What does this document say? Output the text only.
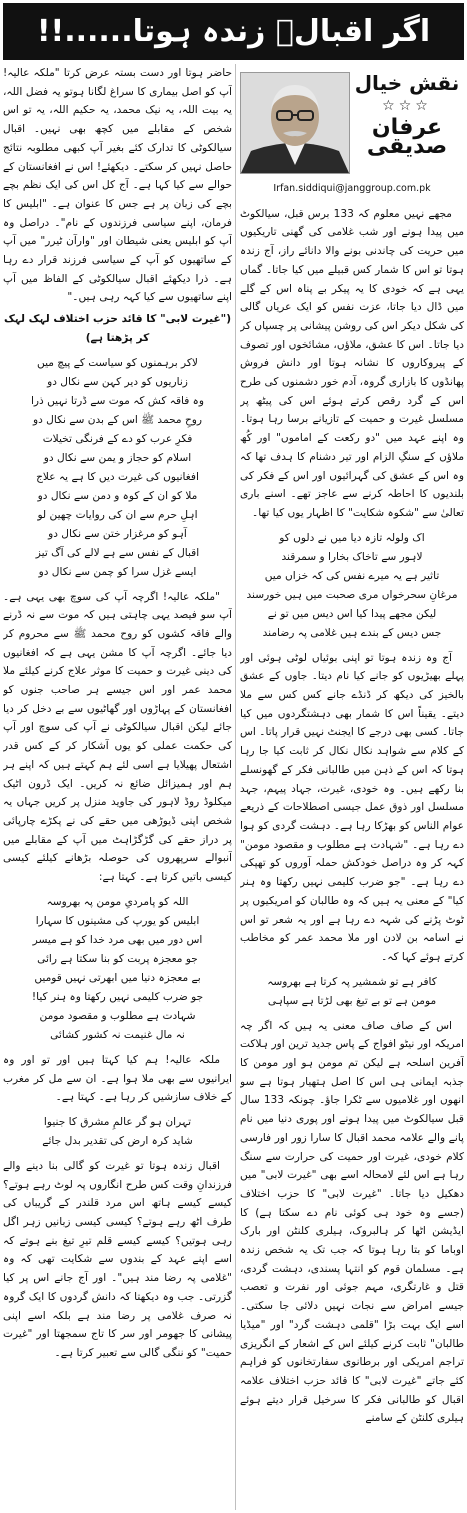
اگر اقبالؒ زندہ ہوتا......!!
نقش خیال
☆☆☆
عرفان صدیقی
Irfan.siddiqui@janggroup.com.pk

مجھے نہیں معلوم کہ 133 برس قبل، سیالکوٹ میں پیدا ہونے اور شب غلامی کی گھنی تاریکیوں میں حریت کی چاندنی بونے والا دانائے راز، آج زندہ ہوتا تو اس کا شمار کس قبیلے میں کیا جاتا۔ گماں یہی ہے کہ خودی کا یہ پیکر بے پناہ اس کے گلے میں ڈال دیا جاتا، عزت نفس کو ایک عریاں گالی کی شکل دیکر اس کی روشن پیشانی پر چسپاں کر دیا جاتا۔ اس کا عشق، ملاؤں، مشائخوں اور تصوف کے پیروکاروں کا نشانہ ہوتا اور دانش فروش پھانڈوں کا بازاری گروہ، آدم خور دشمنوں کی طرح اس کے گرد رقص کرتے ہوئے اس کی پیٹھ پر مسلسل غیرت و حمیت کے تازیانے برسا رہا ہوتا۔ وہ اپنے عہد میں "دو رکعت کے اماموں" اور کُھ ملاؤں کے سنگِ الزام اور تیر دشنام کا ہدف تھا کہ وہ اس کے عشق کی گہرائیوں اور اس کے فکر کی بلندیوں کا احاطہ کرنے سے عاجز تھے۔ اسنے باری تعالیٰ سے "شکوہ شکایت" کا اظہار یوں کیا تھا۔

اک ولولہ تازہ دیا میں نے دلوں کو
لاہور سے تاخاک بخارا و سمرقند
تاثیر ہے یہ میرے نفس کی کہ خزاں میں
مرغانِ سحرخواں مری صحبت میں ہیں خورسند
لیکن مجھے پیدا کیا اس دیس میں تو نے
جس دیس کے بندے ہیں غلامی پہ رضامند

آج وہ زندہ ہوتا تو اپنی بوئیاں لوٹی ہوئی اور پہلے بھیڑیوں کو جانے کیا نام دیتا۔ جاوں کے عشق بالخیز کی دیکھ کر ڈنڈے جانے کس کس سے ملا دیتے۔ یقیناً اس کا شمار بھی دہشتگردوں میں کیا جاتا۔ کسی بھی درجے کا ایجنٹ نہیں قرار پاتا۔ اس کے کلام سے شواہد نکال نکال کر ثابت کیا جا رہا ہوتا کہ اس کے ذہن میں طالبانی فکر کے گھونسلے بنا رکھے ہیں۔ وہ خودی، غیرت، جہاد پیہم، جہد مسلسل اور ذوق عمل جیسی اصطلاحات کے ذریعے عوام الناس کو بھڑکا رہا ہے۔ دہشت گردی کو ہوا دے رہا ہے۔ "شہادت ہے مطلوب و مقصود مومن" کہہ کر وہ دراصل خودکش حملہ آوروں کو تھپکی دے رہا ہے۔ "جو ضرب کلیمی نہیں رکھتا وہ ہنر کیا" کے معنی یہ ہیں کہ وہ طالبان کو امریکیوں پر ٹوٹ پڑنے کی شہہ دے رہا ہے اور یہ شعر تو اس نے اسامہ بن لادن اور ملا محمد عمر کو مخاطب کرتے ہوئے کہا کہ۔

کافر ہے تو شمشیر پہ کرتا ہے بھروسہ
مومن ہے تو بے تیغ بھی لڑتا ہے سپاہی

اس کے صاف صاف معنی یہ ہیں کہ اگر چہ امریکہ اور نیٹو افواج کے پاس جدید ترین اور ہلاکت آفرین اسلحہ ہے لیکن تم مومن ہو اور مومن کا جذبہ ایمانی ہی اس کا اصل ہتھیار ہوتا ہے سو انھوں اور غلامیوں سے ٹکرا جاؤ۔ چونکہ 133 سال قبل سیالکوٹ میں پیدا ہونے اور پوری دنیا میں نام پانے والے علامہ محمد اقبال کا سارا زور اور فارسی کلام خودی، غیرت اور حمیت کی حرارت سے سنگ رہا ہے اس لئے لامحالہ اسے بھی "غیرت لابی" میں دھکیل دیا جاتا۔ "غیرت لابی" کا حزب اختلاف (جسے وہ خود ہی کوئی نام دے سکتا ہے) کا ایڈیشن اٹھا کر ہالبروک، ہیلری کلنٹن اور بارک اوباما کو بتا رہا ہوتا کہ جب تک یہ شخص زندہ ہے۔ مسلمان قوم کو انتہا پسندی، دہشت گردی، قتل و غارتگری، مہم جوئی اور نفرت و تعصب جیسے امراض سے نجات نہیں دلائی جا سکتی۔ اسے ایک بہت بڑا "قلمی دہشت گرد" اور "میڈیا طالبان" ثابت کرنے کیلئے اس کے اشعار کے انگریزی تراجم امریکی اور برطانوی سفارتخانوں کو فراہم کئے جاتے "غیرت لابی" کا قائد حزب اختلاف علامہ اقبال کو طالبانی فکر کا سرخیل قرار دیتے ہوئے ہیلری کلنٹن کے سامنے

حاضر ہوتا اور دست بستہ عرض کرتا "ملکہ عالیہ! آپ کو اصل بیماری کا سراغ لگانا ہوتو یہ فضل اللہ، یہ بیت اللہ، یہ نیک محمد، یہ حکیم اللہ، یہ تو اس شخص کے مقابلے میں کچھ بھی نہیں۔ اقبال سیالکوٹی کا تدارک کئے بغیر آپ کبھی مطلوبہ نتائج حاصل نہیں کر سکتے۔ دیکھئے! اس نے افغانستان کے حوالے سے کیا کہا ہے۔ آج کل اس کی ایک نظم بچے بچے کی زبان پر ہے جس کا عنوان ہے۔ "ابلیس کا فرمان، اپنے سیاسی فرزندوں کے نام"۔ دراصل وہ آپ کو ابلیس یعنی شیطان اور "وارآن ٹیرر" میں آپ کے ساتھیوں کو آپ کے سیاسی فرزند قرار دے رہا ہے۔ ذرا دیکھئے اقبال سیالکوٹی کے الفاظ میں آپ اپنے ساتھیوں سے کیا کہہ رہی ہیں۔"

("غیرت لابی" کا قائد حزب اختلاف لہک لہک کر پڑھتا ہے)

لاکر برہمنوں کو سیاست کے پیچ میں
زناریوں کو دیر کہن سے نکال دو
وہ فاقہ کش کہ موت سے ڈرتا نہیں ذرا
روحِ محمد ﷺ اس کے بدن سے نکال دو
فکرِ عرب کو دے کے فرنگی تخیلات
اسلام کو حجاز و یمن سے نکال دو
افغانیوں کی غیرت دیں کا ہے یہ علاج
ملا کو ان کے کوہ و دمن سے نکال دو
اہلِ حرم سے ان کی روایات چھین لو
آہو کو مرغزار ختن سے نکال دو
اقبال کے نفس سے ہے لالے کی آگ تیز
ایسے غزل سرا کو چمن سے نکال دو

"ملکہ عالیہ! اگرچہ آپ کی سوچ بھی یہی ہے۔ آپ سو فیصد یہی چاہتی ہیں کہ موت سے نہ ڈرنے والے فاقہ کشوں کو روح محمد ﷺ سے محروم کر دیا جائے۔ اگرچہ آپ کا مشن یہی ہے کہ افغانیوں کی دینی غیرت و حمیت کا موثر علاج کرنے کیلئے ملا محمد عمر اور اس جیسے ہر صاحب جنوں کو افغانستان کے پہاڑوں اور گھاٹیوں سے بے دخل کر دیا جائے لیکن اقبال سیالکوٹی نے آپ کی سوچ اور آپ کی حکمت عملی کو یوں آشکار کر کے کس قدر اشتعال پھیلایا ہے اسی لئے ہم کہتے ہیں کہ اپنے ہر ہم اور ہمیزائل ضائع نہ کریں۔ ایک ڈرون اٹیک میکلوڈ روڈ لاہور کی جاوید منزل پر کریں جہاں یہ شخص اپنی ڈیوڑھی میں حقے کی نے پکڑے چارپائی پر دراز حقے کی گڑگڑاہٹ میں آپ کے مقابلے میں آنبوالے سرپھروں کی حوصلہ بڑھانے کیلئے کیسی کیسی باتیں کرتا ہے۔ کہتا ہے:

اللہ کو پامردیِ مومن پہ بھروسہ
ابلیس کو یورپ کی مشینوں کا سہارا
اس دور میں بھی مرد خدا کو ہے میسر
جو معجزہ پربت کو بنا سکتا ہے رائی
بے معجزہ دنیا میں ابھرتی نہیں قومیں
جو ضرب کلیمی نہیں رکھتا وہ ہنر کیا!
شہادت ہے مطلوب و مقصود مومن
نہ مال غنیمت نہ کشور کشائی

ملکہ عالیہ! ہم کیا کہتا ہیں اور تو اور وہ ایرانیوں سے بھی ملا ہوا ہے۔ ان سے مل کر مغرب کے خلاف سازشیں کر رہا ہے۔ کہتا ہے۔

تہران ہو گر عالمِ مشرق کا جنیوا
شاید کرہ ارض کی تقدیر بدل جائے

اقبال زندہ ہوتا تو غیرت کو گالی بنا دینے والے فرزندانِ وقت کس طرح انگاروں پہ لوٹ رہے ہوتے؟ کیسے کیسے ہاتھ اس مرد قلندر کے گریباں کی طرف اٹھ رہے ہوتے؟ کیسی کیسی زبانیں زہر اگل رہی ہوتیں؟ کیسے کیسے قلم تیرِ تیغ بنے ہوتے کہ اسے اپنے عہد کے بندوں سے شکایت تھی کہ وہ "غلامی پہ رضا مند ہیں"۔ اور آج جانے اس پر کیا گزرتی۔ جب وہ دیکھتا کہ دانش گردوں کا ایک گروہ نہ صرف غلامی پر رضا مند ہے بلکہ اسے اپنی پیشانی کا جھومر اور سر کا تاج سمجھتا اور "غیرت حمیت" کو ننگی گالی سے تعبیر کرتا ہے۔
